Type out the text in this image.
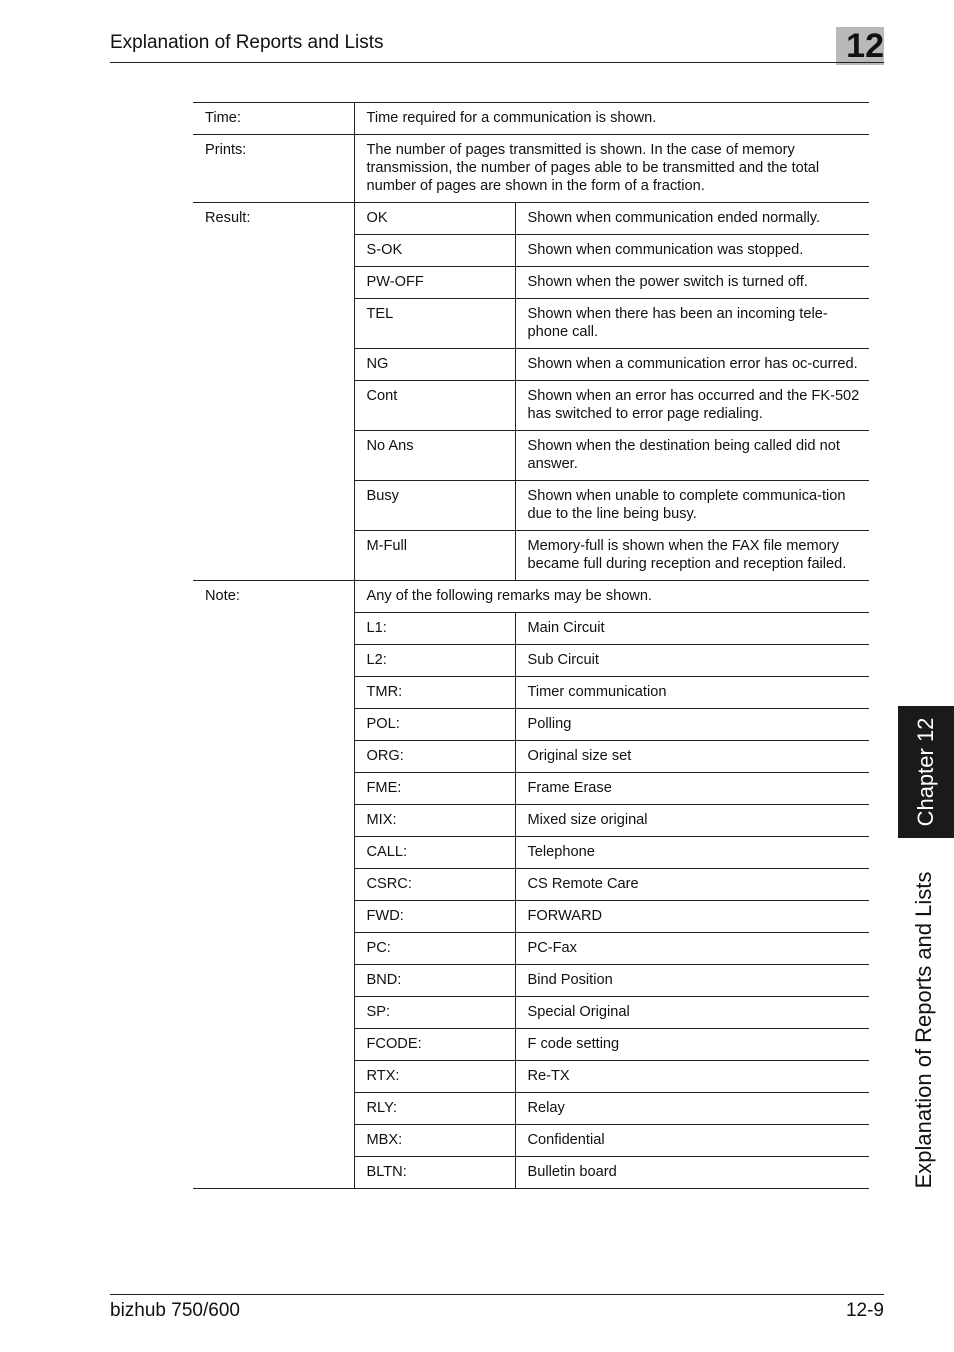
Explanation of Reports and Lists	12
Chapter 12
Explanation of Reports and Lists
Time:	Time required for a communication is shown.	
Prints:	The number of pages transmitted is shown. In the case of memory transmission, the number of pages able to be transmitted and the total number of pages are shown in the form of a fraction.	
Result:	OK	Shown when communication ended normally.
	S-OK	Shown when communication was stopped.
	PW-OFF	Shown when the power switch is turned off.
	TEL	Shown when there has been an incoming tele-phone call.
	NG	Shown when a communication error has oc-curred.
	Cont	Shown when an error has occurred and the FK-502 has switched to error page redialing.
	No Ans	Shown when the destination being called did not answer.
	Busy	Shown when unable to complete communica-tion due to the line being busy.
	M-Full	Memory-full is shown when the FAX file memory became full during reception and reception failed.
Note:	Any of the following remarks may be shown.	
	L1:	Main Circuit
	L2:	Sub Circuit
	TMR:	Timer communication
	POL:	Polling
	ORG:	Original size set
	FME:	Frame Erase
	MIX:	Mixed size original
	CALL:	Telephone
	CSRC:	CS Remote Care
	FWD:	FORWARD
	PC:	PC-Fax
	BND:	Bind Position
	SP:	Special Original
	FCODE:	F code setting
	RTX:	Re-TX
	RLY:	Relay
	MBX:	Confidential
	BLTN:	Bulletin board
bizhub 750/600	12-9
